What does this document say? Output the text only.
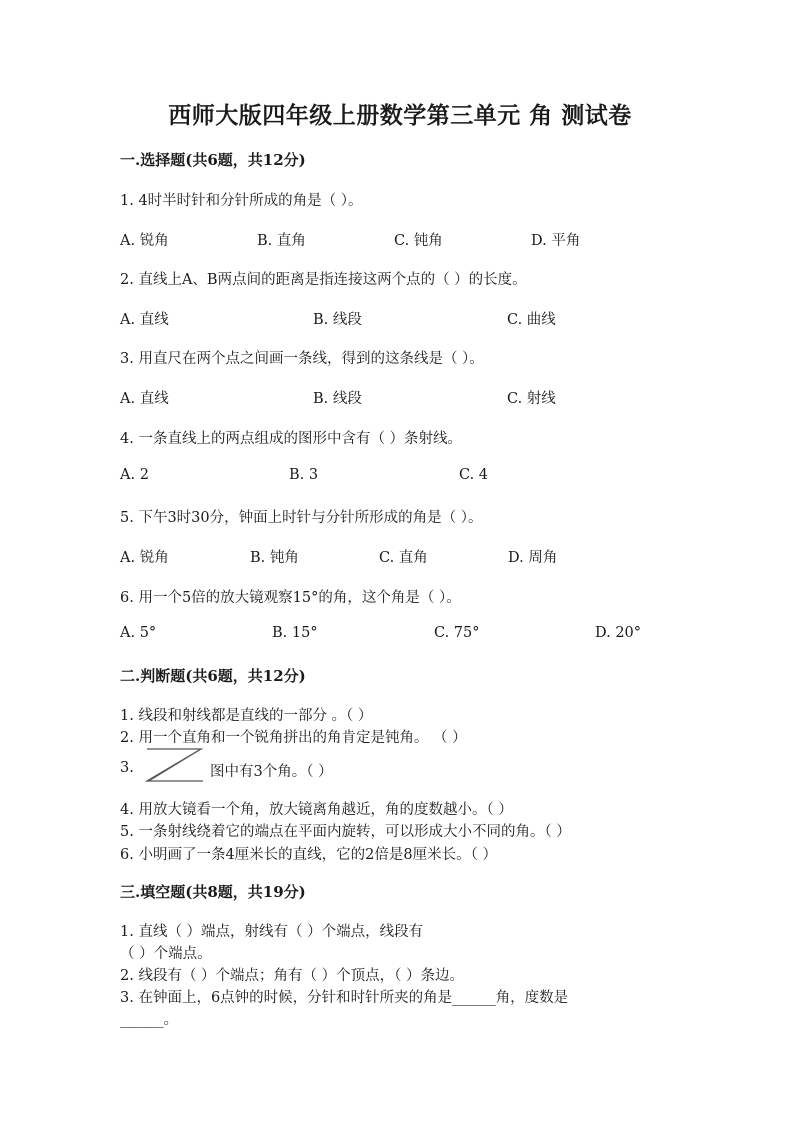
西师大版四年级上册数学第三单元 角 测试卷
一.选择题(共6题，共12分)
1. 4时半时针和分针所成的角是（ ）。
A. 锐角	B. 直角	C. 钝角	D. 平角
2. 直线上A、B两点间的距离是指连接这两个点的（ ）的长度。
A. 直线	B. 线段	C. 曲线
3. 用直尺在两个点之间画一条线，得到的这条线是（ ）。
A. 直线	B. 线段	C. 射线
4. 一条直线上的两点组成的图形中含有（ ）条射线。
A. 2	B. 3	C. 4
5. 下午3时30分，钟面上时针与分针所形成的角是（ ）。
A. 锐角	B. 钝角	C. 直角	D. 周角
6. 用一个5倍的放大镜观察15°的角，这个角是（ ）。
A. 5°	B. 15°	C. 75°	D. 20°
二.判断题(共6题，共12分)
1. 线段和射线都是直线的一部分 。（ ）
2. 用一个直角和一个锐角拼出的角肯定是钝角。 （ ）
3.	图中有3个角。（ ）
4. 用放大镜看一个角，放大镜离角越近，角的度数越小。（ ）
5. 一条射线绕着它的端点在平面内旋转，可以形成大小不同的角。（ ）
6. 小明画了一条4厘米长的直线，它的2倍是8厘米长。（ ）
三.填空题(共8题，共19分)
1. 直线（ ）端点，射线有（ ）个端点，线段有
（ ）个端点。
2. 线段有（ ）个端点；角有（ ）个顶点，（ ）条边。
3. 在钟面上，6点钟的时候，分针和时针所夹的角是______角，度数是
______。
